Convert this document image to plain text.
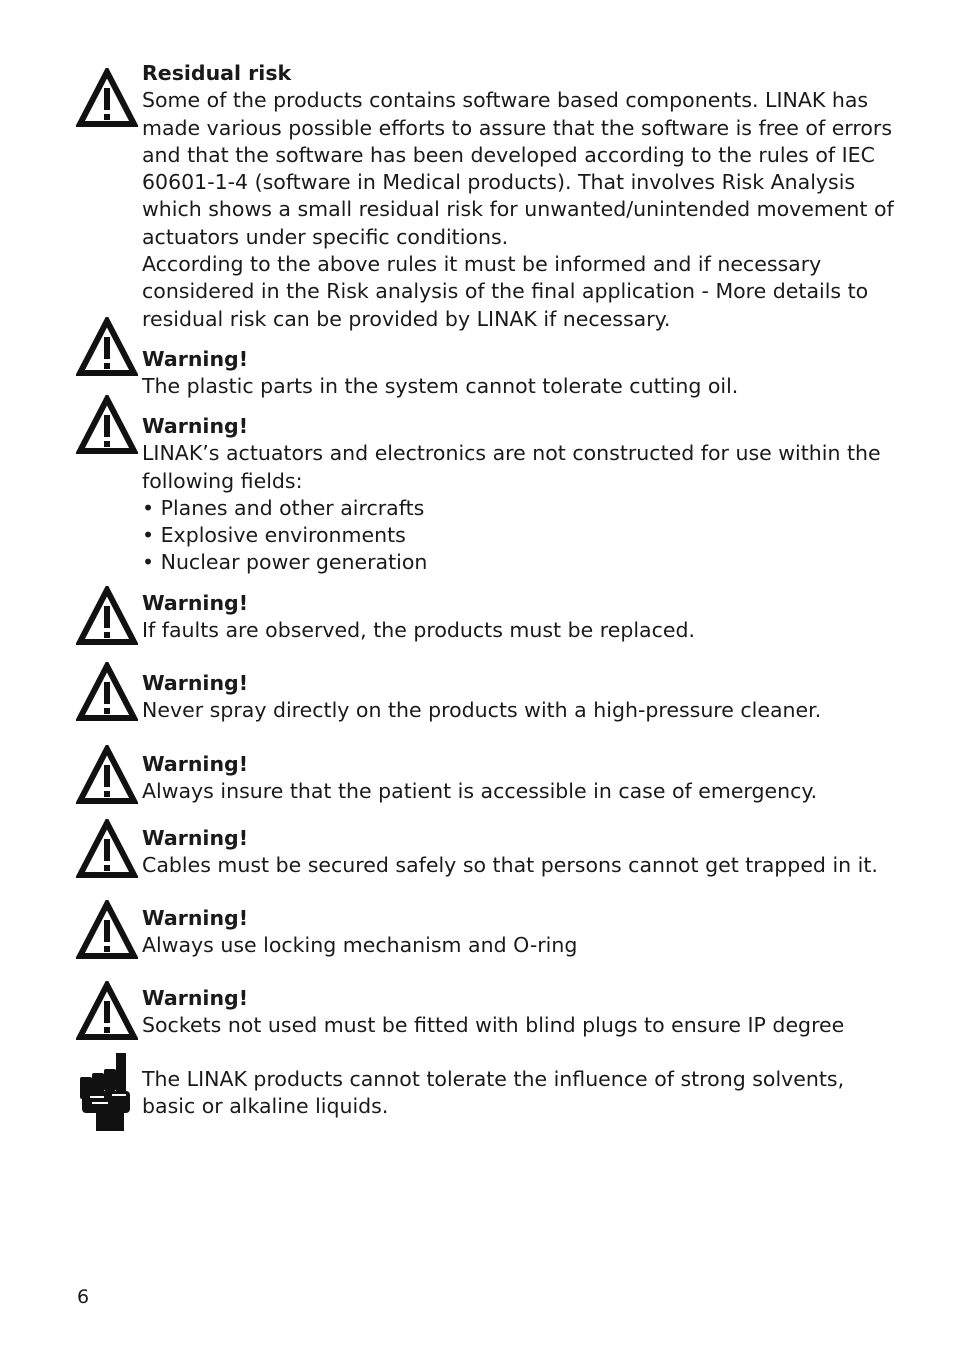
Residual risk

Some of the products contains software based components. LINAK has made various possible efforts to assure that the software is free of errors and that the software has been developed according to the rules of IEC 60601-1-4 (software in Medical products). That involves Risk Analysis which shows a small residual risk for unwanted/unintended movement of actuators under specific conditions.

According to the above rules it must be informed and if necessary considered in the Risk analysis of the final application - More details to residual risk can be provided by LINAK if necessary.

Warning!

The plastic parts in the system cannot tolerate cutting oil.

Warning!

LINAK’s actuators and electronics are not constructed for use within the following fields:

• Planes and other aircrafts
• Explosive environments
• Nuclear power generation
Warning!

If faults are observed, the products must be replaced.

Warning!

Never spray directly on the products with a high-pressure cleaner.

Warning!

Always insure that the patient is accessible in case of emergency.

Warning!

Cables must be secured safely so that persons cannot get trapped in it.

Warning!

Always use locking mechanism and O-ring

Warning!

Sockets not used must be fitted with blind plugs to ensure IP degree

The LINAK products cannot tolerate the influence of strong solvents, basic or alkaline liquids.

6
